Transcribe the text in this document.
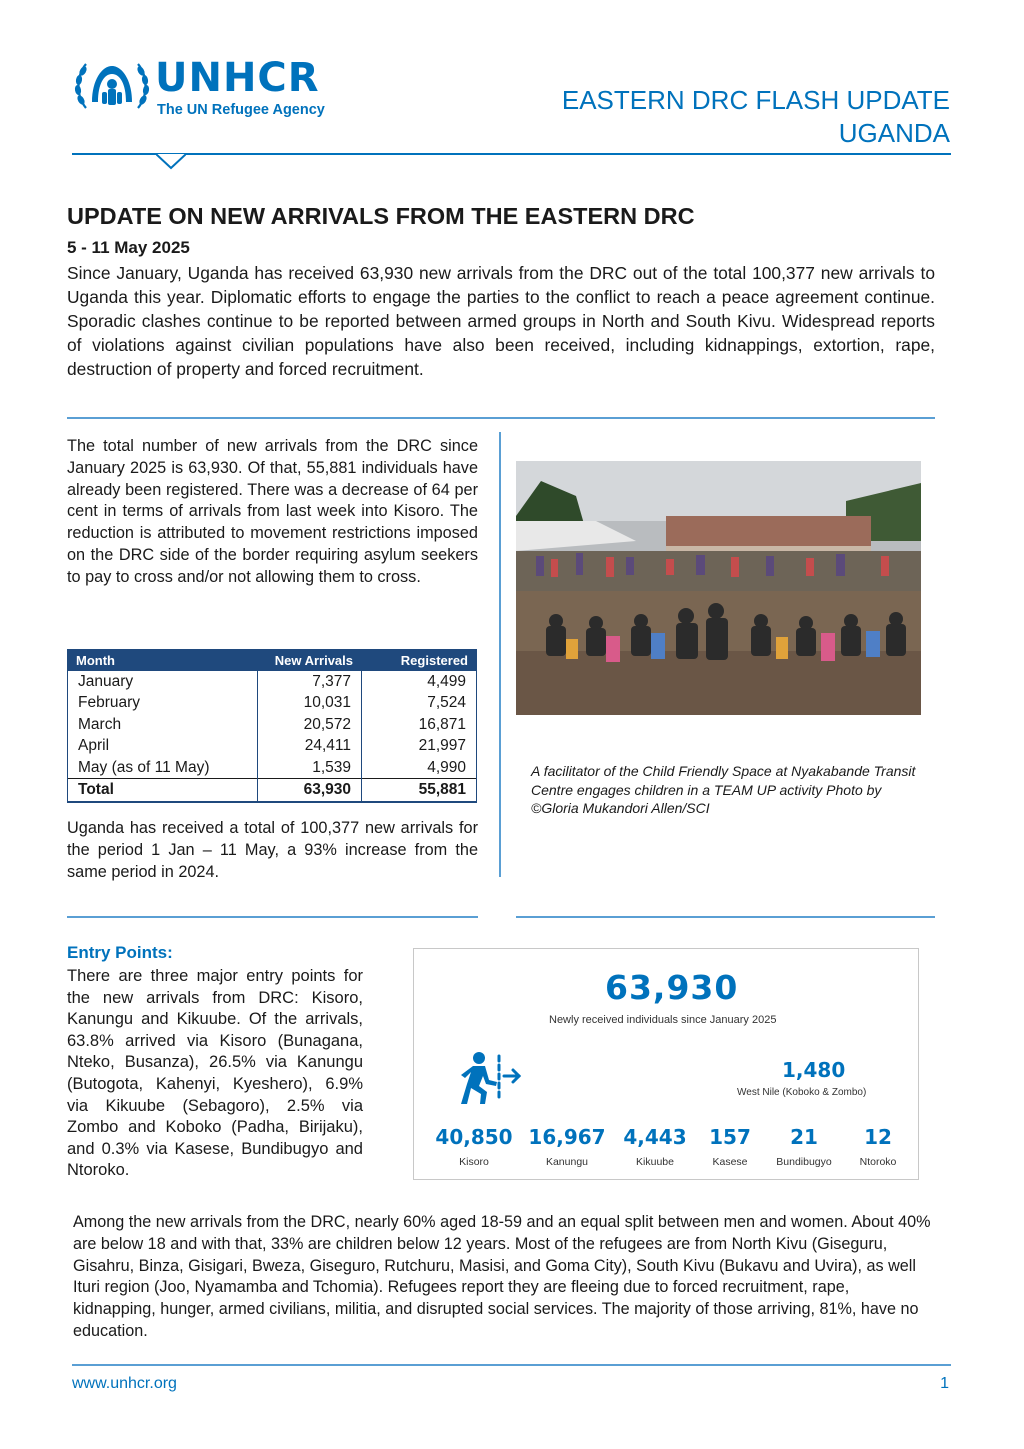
UNHCR
The UN Refugee Agency	EASTERN DRC FLASH UPDATE
UGANDA
UPDATE ON NEW ARRIVALS FROM THE EASTERN DRC
5 - 11 May 2025
Since January, Uganda has received 63,930 new arrivals from the DRC out of the total 100,377 new arrivals to Uganda this year. Diplomatic efforts to engage the parties to the conflict to reach a peace agreement continue. Sporadic clashes continue to be reported between armed groups in North and South Kivu. Widespread reports of violations against civilian populations have also been received, including kidnappings, extortion, rape, destruction of property and forced recruitment.
The total number of new arrivals from the DRC since January 2025 is 63,930. Of that, 55,881 individuals have already been registered. There was a decrease of 64 per cent in terms of arrivals from last week into Kisoro. The reduction is attributed to movement restrictions imposed on the DRC side of the border requiring asylum seekers to pay to cross and/or not allowing them to cross.
Month	New Arrivals	Registered
January	7,377	4,499
February	10,031	7,524
March	20,572	16,871
April	24,411	21,997
May (as of 11 May)	1,539	4,990
Total	63,930	55,881
Uganda has received a total of 100,377 new arrivals for the period 1 Jan – 11 May, a 93% increase from the same period in 2024.
A facilitator of the Child Friendly Space at Nyakabande Transit Centre engages children in a TEAM UP activity Photo by ©Gloria Mukandori Allen/SCI
Entry Points:
There are three major entry points for the new arrivals from DRC: Kisoro, Kanungu and Kikuube. Of the arrivals, 63.8% arrived via Kisoro (Bunagana, Nteko, Busanza), 26.5% via Kanungu (Butogota, Kahenyi, Kyeshero), 6.9% via Kikuube (Sebagoro), 2.5% via Zombo and Koboko (Padha, Birijaku), and 0.3% via Kasese, Bundibugyo and Ntoroko.
63,930
Newly received individuals since January 2025
1,480
West Nile (Koboko & Zombo)
40,850
Kisoro
16,967
Kanungu
4,443
Kikuube
157
Kasese
21
Bundibugyo
12
Ntoroko
Among the new arrivals from the DRC, nearly 60% aged 18-59 and an equal split between men and women. About 40% are below 18 and with that, 33% are children below 12 years. Most of the refugees are from North Kivu (Giseguru, Gisahru, Binza, Gisigari, Bweza, Giseguro, Rutchuru, Masisi, and Goma City), South Kivu (Bukavu and Uvira), as well Ituri region (Joo, Nyamamba and Tchomia). Refugees report they are fleeing due to forced recruitment, rape, kidnapping, hunger, armed civilians, militia, and disrupted social services. The majority of those arriving, 81%, have no education.
www.unhcr.org	1
